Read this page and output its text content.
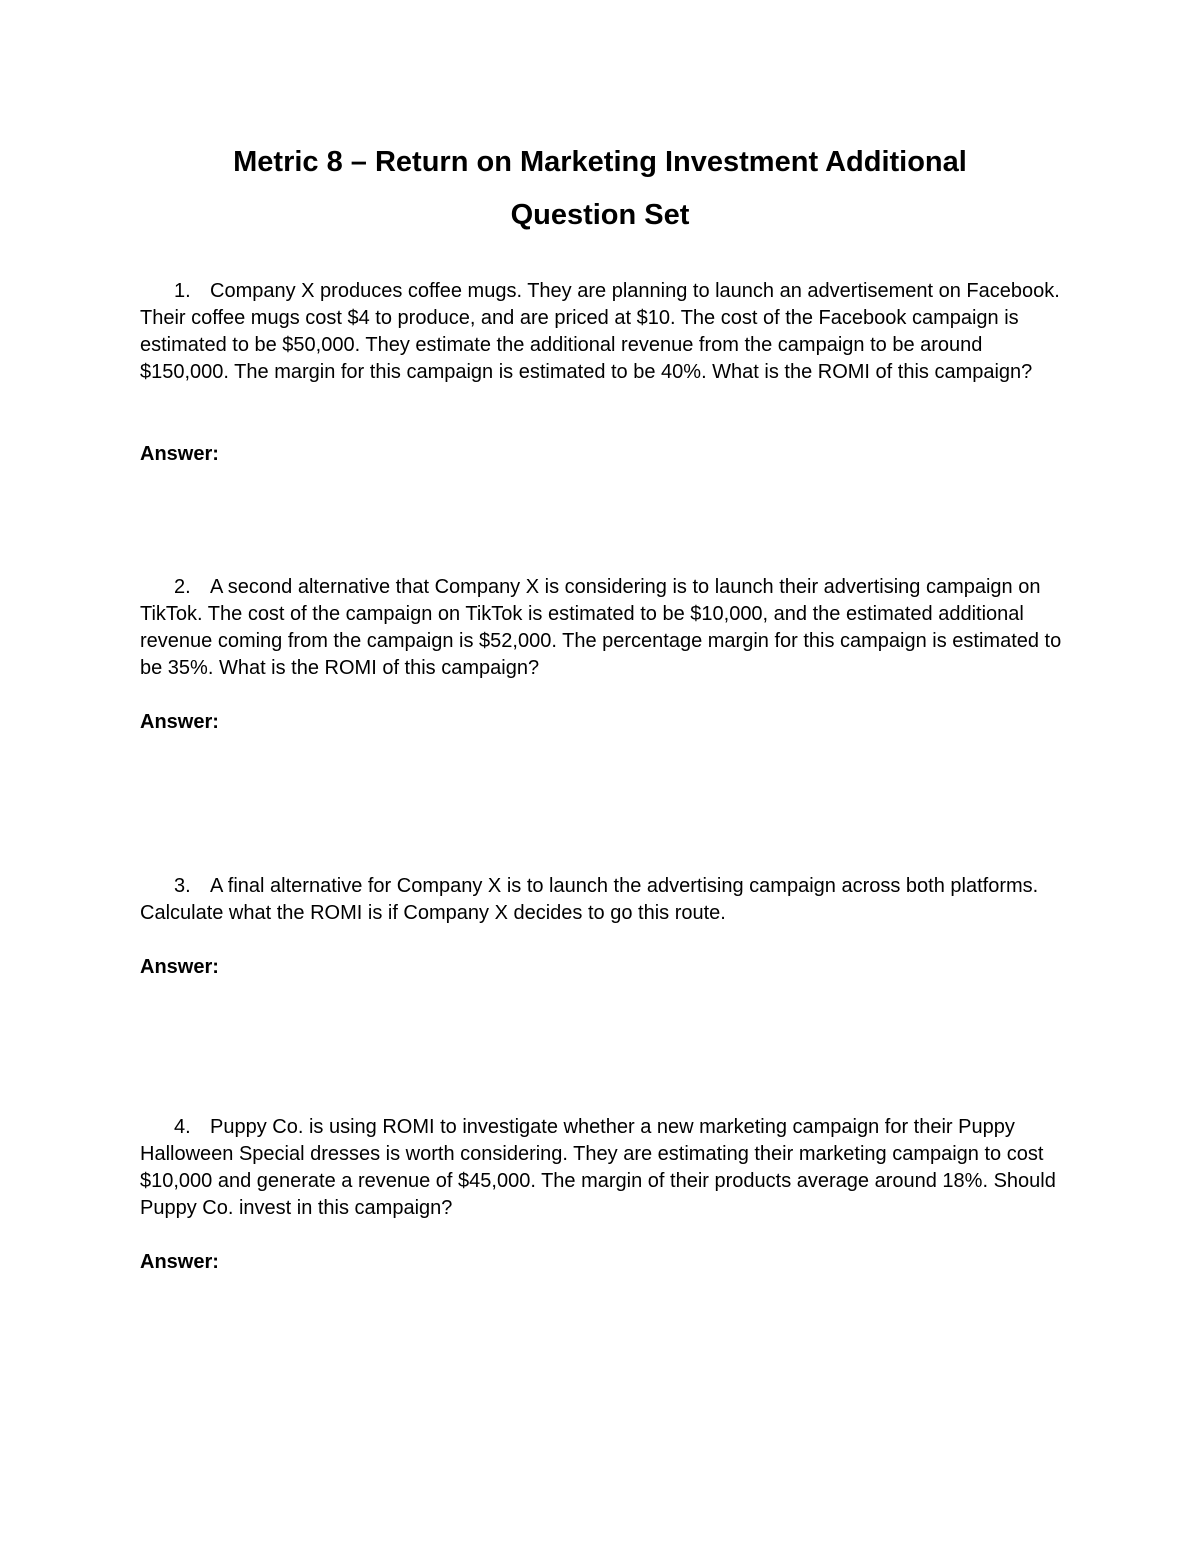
Metric 8 – Return on Marketing Investment Additional
Question Set

1. Company X produces coffee mugs. They are planning to launch an advertisement on Facebook. Their coffee mugs cost $4 to produce, and are priced at $10. The cost of the Facebook campaign is estimated to be $50,000. They estimate the additional revenue from the campaign to be around $150,000. The margin for this campaign is estimated to be 40%. What is the ROMI of this campaign?

Answer:

2. A second alternative that Company X is considering is to launch their advertising campaign on TikTok. The cost of the campaign on TikTok is estimated to be $10,000, and the estimated additional revenue coming from the campaign is $52,000. The percentage margin for this campaign is estimated to be 35%. What is the ROMI of this campaign?

Answer:

3. A final alternative for Company X is to launch the advertising campaign across both platforms. Calculate what the ROMI is if Company X decides to go this route.

Answer:

4. Puppy Co. is using ROMI to investigate whether a new marketing campaign for their Puppy Halloween Special dresses is worth considering. They are estimating their marketing campaign to cost $10,000 and generate a revenue of $45,000. The margin of their products average around 18%. Should Puppy Co. invest in this campaign?

Answer:
